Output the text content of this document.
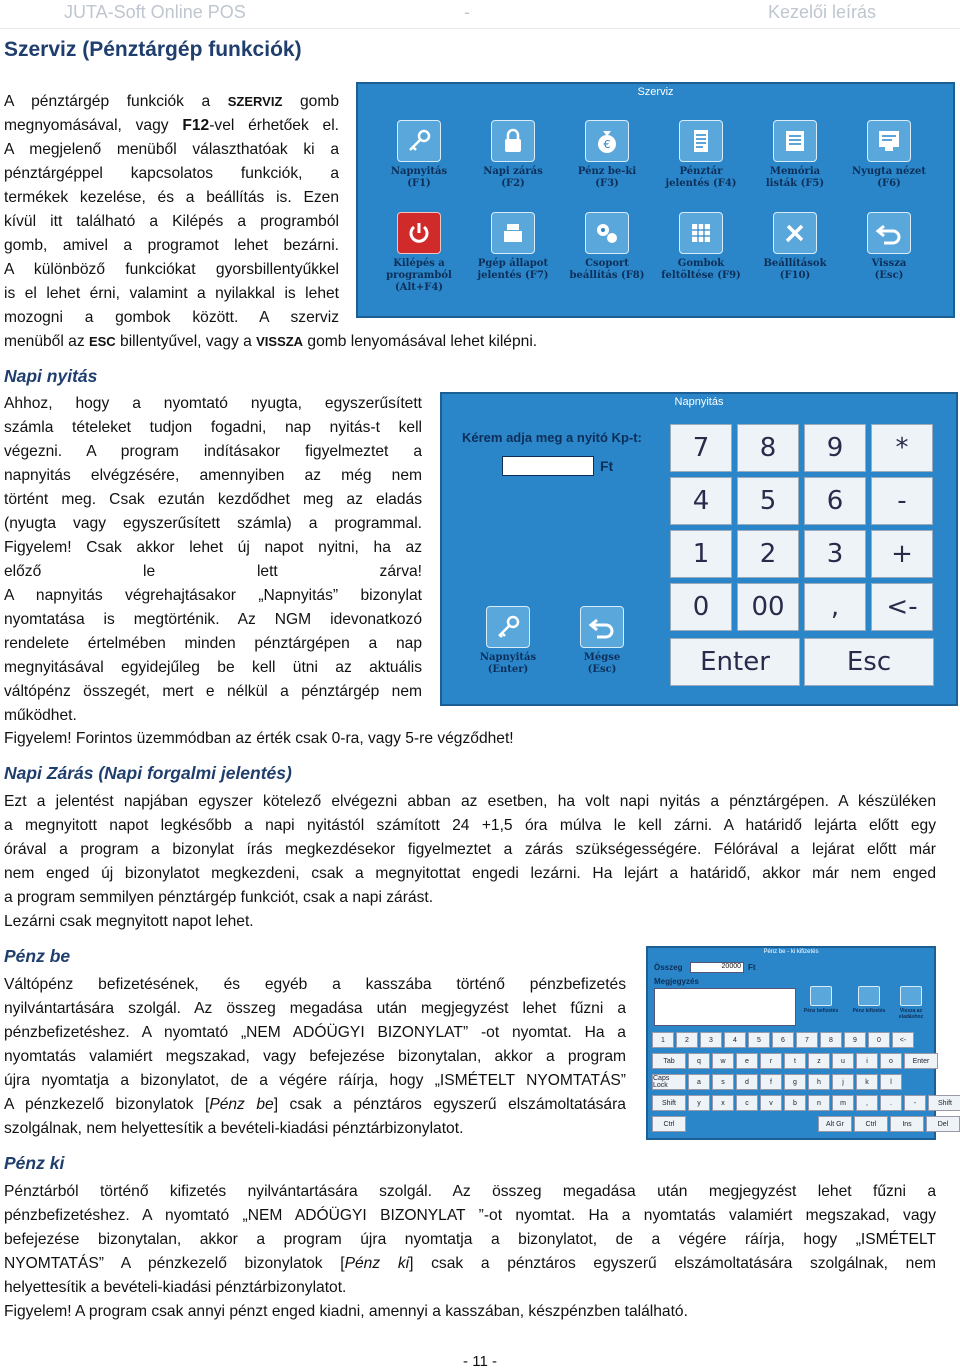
JUTA-Soft Online POS	-	Kezelői leírás
Szerviz (Pénztárgép funkciók)
A pénztárgép funkciók a SZERVIZ gomb
megnyomásával, vagy F12-vel érhetőek el.
A megjelenő menüből választhatóak ki a
pénztárgéppel kapcsolatos funkciók, a
termékek kezelése, és a beállítás is. Ezen
kívül itt található a Kilépés a programból
gomb, amivel a programot lehet bezárni.
A különböző funkciókat gyorsbillentyűkkel
is el lehet érni, valamint a nyilakkal is lehet
mozogni a gombok között. A szerviz
menüből az ESC billentyűvel, vagy a VISSZA gomb lenyomásával lehet kilépni.
Szerviz
Napnyitás
(F1)
Napi zárás
(F2)
€
Pénz be-ki
(F3)
Pénztár
jelentés (F4)
Memória
listák (F5)
Nyugta nézet
(F6)
Kilépés a
programból
(Alt+F4)
Pgép állapot
jelentés (F7)
Csoport
beállítás (F8)
Gombok
feltöltése (F9)
Beállítások
(F10)
Vissza
(Esc)
Napi nyitás
Ahhoz, hogy a nyomtató nyugta, egyszerűsített
számla tételeket tudjon fogadni, nap nyitás-t kell
végezni. A program indításakor figyelmeztet a
napnyitás elvégzésére, amennyiben az még nem
történt meg. Csak ezután kezdődhet meg az eladás
(nyugta vagy egyszerűsített számla) a programmal.
Figyelem! Csak akkor lehet új napot nyitni, ha az
előző le lett zárva!
A napnyitás végrehajtásakor „Napnyitás” bizonylat
nyomtatása is megtörténik. Az NGM idevonatkozó
rendelete értelmében minden pénztárgépen a nap
megnyitásával egyidejűleg be kell ütni az aktuális
váltópénz összegét, mert e nélkül a pénztárgép nem
működhet.
Figyelem! Forintos üzemmódban az érték csak 0-ra, vagy 5-re végződhet!
Napnyitás
Kérem adja meg a nyitó Kp-t:
Ft
7	8	9	*
4	5	6	-
1	2	3	+
0	00	,	<-
Enter	Esc
Napnyitás
(Enter)
Mégse
(Esc)
Napi Zárás (Napi forgalmi jelentés)
Ezt a jelentést napjában egyszer kötelező elvégezni abban az esetben, ha volt napi nyitás a pénztárgépen. A készüléken
a megnyitott napot legkésőbb a napi nyitástól számított 24 +1,5 óra múlva le kell zárni. A határidő lejárta előtt egy
órával a program a bizonylat írás megkezdésekor figyelmeztet a zárás szükségességére. Félórával a lejárat előtt már
nem enged új bizonylatot megkezdeni, csak a megnyitottat engedi lezárni. Ha lejárt a határidő, akkor már nem enged
a program semmilyen pénztárgép funkciót, csak a napi zárást.
Lezárni csak megnyitott napot lehet.
Pénz be
Váltópénz befizetésének, és egyéb a kasszába történő pénzbefizetés
nyilvántartására szolgál. Az összeg megadása után megjegyzést lehet fűzni a
pénzbefizetéshez. A nyomtató „NEM ADÓÜGYI BIZONYLAT” -ot nyomtat. Ha a
nyomtatás valamiért megszakad, vagy befejezése bizonytalan, akkor a program
újra nyomtatja a bizonylatot, de a végére ráírja, hogy „ISMÉTELT NYOMTATÁS”
A pénzkezelő bizonylatok [Pénz be] csak a pénztáros egyszerű elszámoltatására
szolgálnak, nem helyettesítik a bevételi-kiadási pénztárbizonylatot.
Pénz be - ki kifizetés
Összeg	20000 Ft
Megjegyzés
Pénz befizetés	Pénz kifizetés	Vissza az eladáshoz
1	2	3	4	5	6	7	8	9	0	<-
Tab	q	w	e	r	t	z	u	i	o	Enter
Caps Lock	a	s	d	f	g	h	j	k	l
Shift	y	x	c	v	b	n	m	,	.	-	Shift
Ctrl	Alt Gr	Ctrl	Ins	Del
Pénz ki
Pénztárból történő kifizetés nyilvántartására szolgál. Az összeg megadása után megjegyzést lehet fűzni a
pénzbefizetéshez. A nyomtató „NEM ADÓÜGYI BIZONYLAT ”-ot nyomtat. Ha a nyomtatás valamiért megszakad, vagy
befejezése bizonytalan, akkor a program újra nyomtatja a bizonylatot, de a végére ráírja, hogy „ISMÉTELT
NYOMTATÁS” A pénzkezelő bizonylatok [Pénz ki] csak a pénztáros egyszerű elszámoltatására szolgálnak, nem
helyettesítik a bevételi-kiadási pénztárbizonylatot.
Figyelem! A program csak annyi pénzt enged kiadni, amennyi a kasszában, készpénzben található.
- 11 -
